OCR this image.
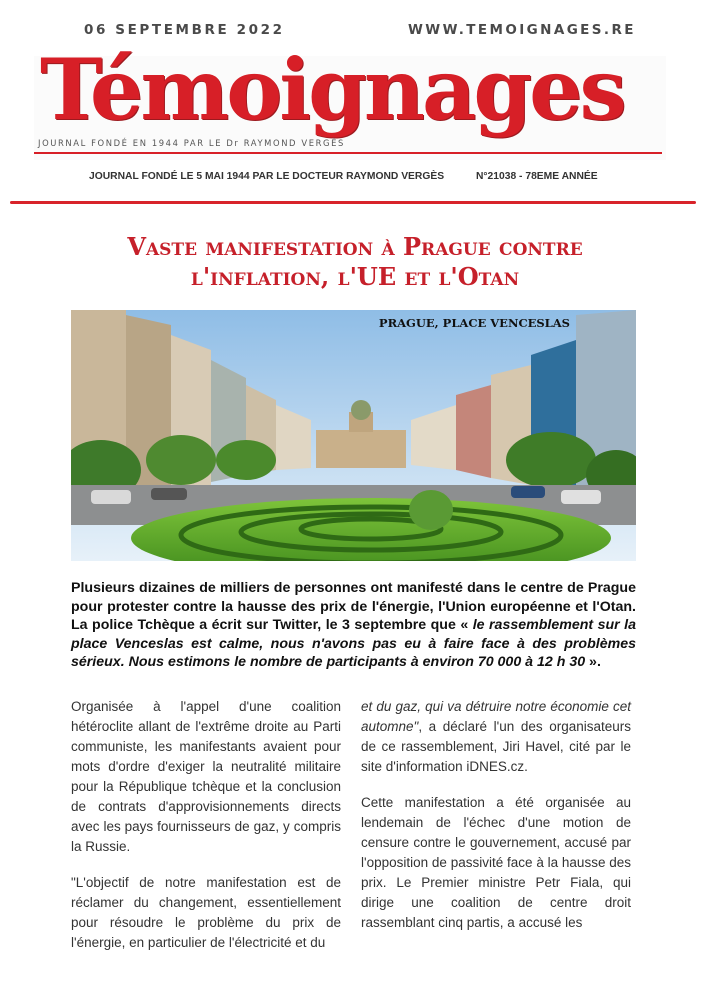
06 SEPTEMBRE 2022	WWW.TEMOIGNAGES.RE
Témoignages
JOURNAL FONDÉ EN 1944 PAR LE Dr RAYMOND VERGÈS
JOURNAL FONDÉ LE 5 MAI 1944 PAR LE DOCTEUR RAYMOND VERGÈS	N°21038 - 78EME ANNÉE
Vaste manifestation à Prague contre l'inflation, l'UE et l'Otan
PRAGUE, PLACE VENCESLAS

Plusieurs dizaines de milliers de personnes ont manifesté dans le centre de Prague pour protester contre la hausse des prix de l'énergie, l'Union européenne et l'Otan. La police Tchèque a écrit sur Twitter, le 3 septembre que « le rassemblement sur la place Venceslas est calme, nous n'avons pas eu à faire face à des problèmes sérieux. Nous estimons le nombre de participants à environ 70 000 à 12 h 30 ».

Organisée à l'appel d'une coalition hétéroclite allant de l'extrême droite au Parti communiste, les manifestants avaient pour mots d'ordre d'exiger la neutralité militaire pour la République tchèque et la conclusion de contrats d'approvisionnements directs avec les pays fournisseurs de gaz, y compris la Russie.

"L'objectif de notre manifestation est de réclamer du changement, essentiellement pour résoudre le problème du prix de l'énergie, en particulier de l'électricité et du

et du gaz, qui va détruire notre économie cet automne", a déclaré l'un des organisateurs de ce rassemblement, Jiri Havel, cité par le site d'information iDNES.cz.

Cette manifestation a été organisée au lendemain de l'échec d'une motion de censure contre le gouvernement, accusé par l'opposition de passivité face à la hausse des prix. Le Premier ministre Petr Fiala, qui dirige une coalition de centre droit rassemblant cinq partis, a accusé les
